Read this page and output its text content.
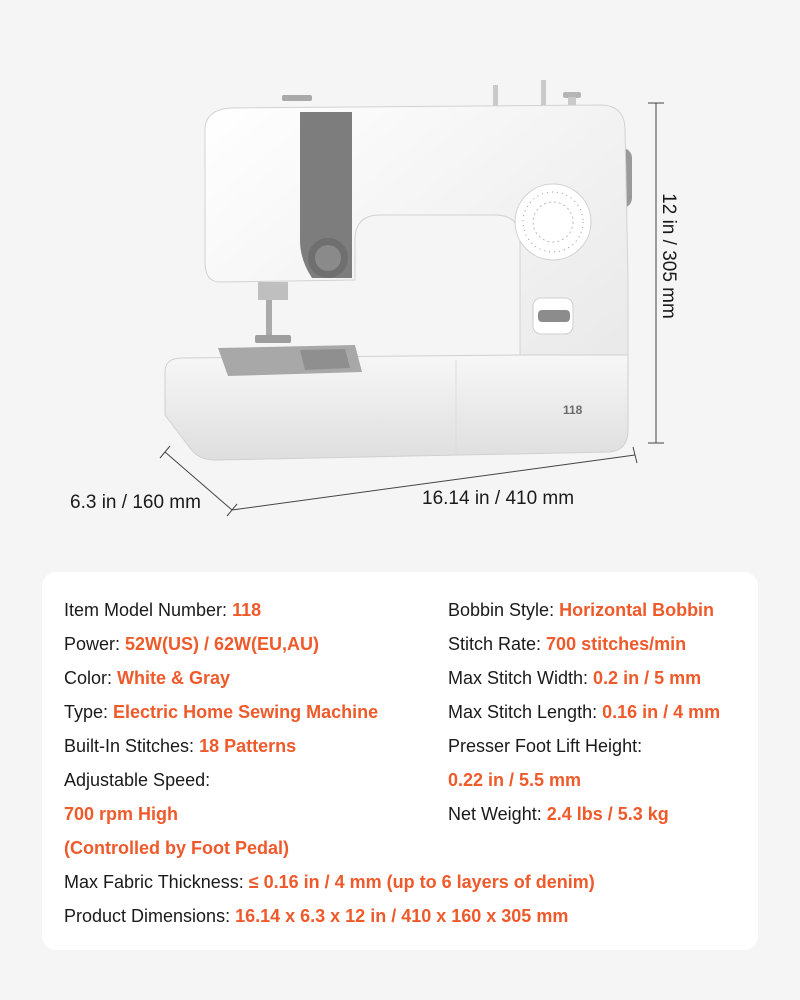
118
12 in / 305 mm
6.3 in / 160 mm	16.14 in / 410 mm
Item Model Number: 118
Power: 52W(US) / 62W(EU,AU)
Color: White & Gray
Type: Electric Home Sewing Machine
Built-In Stitches: 18 Patterns
Adjustable Speed:
700 rpm High
(Controlled by Foot Pedal)
Bobbin Style: Horizontal Bobbin
Stitch Rate: 700 stitches/min
Max Stitch Width: 0.2 in / 5 mm
Max Stitch Length: 0.16 in / 4 mm
Presser Foot Lift Height:
0.22 in / 5.5 mm
Net Weight: 2.4 lbs / 5.3 kg
Max Fabric Thickness: ≤ 0.16 in / 4 mm (up to 6 layers of denim)
Product Dimensions: 16.14 x 6.3 x 12 in / 410 x 160 x 305 mm
